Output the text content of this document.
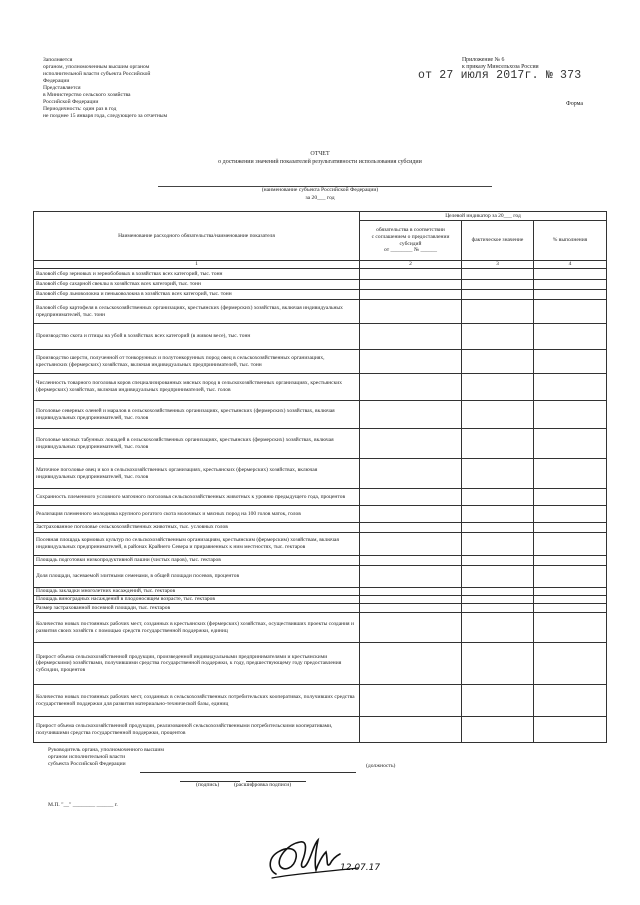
Заполняется
органом, уполномоченным высшим органом
исполнительной власти субъекта Российской
Федерации
Представляется
в Министерство сельского хозяйства
Российской Федерации
Периодичность: один раз в год
не позднее 15 января года, следующего за отчетным
Приложение № 6
к приказу Минсельхоза России
от 27 июля 2017г. № 373
Форма
ОТЧЕТ
о достижении значений показателей результативности использования субсидии
(наименование субъекта Российской Федерации)
за 20___ год
Наименование расходного обязательства/наименование показателя	Целевой индикатор за 20___ год		

	обязательства в соответствии
с соглашением о предоставлении
субсидий
от ________ № ______	фактическое значение	% выполнения
1	2	3	4
Валовой сбор зерновых и зернобобовых в хозяйствах всех категорий, тыс. тонн			
Валовой сбор сахарной свеклы в хозяйствах всех категорий, тыс. тонн			
Валовой сбор льноволокна и пеньковолокна в хозяйствах всех категорий, тыс. тонн			
Валовой сбор картофеля в сельскохозяйственных организациях, крестьянских (фермерских) хозяйствах, включая индивидуальных предпринимателей, тыс. тонн			
Производство скота и птицы на убой в хозяйствах всех категорий (в живом весе), тыс. тонн			
Производство шерсти, полученной от тонкорунных и полутонкорунных пород овец в сельскохозяйственных организациях, крестьянских (фермерских) хозяйствах, включая индивидуальных предпринимателей, тыс. тонн			
Численность товарного поголовья коров специализированных мясных пород в сельскохозяйственных организациях, крестьянских (фермерских) хозяйствах, включая индивидуальных предпринимателей, тыс. голов			
Поголовье северных оленей и маралов в сельскохозяйственных организациях, крестьянских (фермерских) хозяйствах, включая индивидуальных предпринимателей, тыс. голов			
Поголовье мясных табунных лошадей в сельскохозяйственных организациях, крестьянских (фермерских) хозяйствах, включая индивидуальных предпринимателей, тыс. голов			
Маточное поголовье овец и коз в сельскохозяйственных организациях, крестьянских (фермерских) хозяйствах, включая индивидуальных предпринимателей, тыс. голов			
Сохранность племенного условного маточного поголовья сельскохозяйственных животных к уровню предыдущего года, процентов			
Реализация племенного молодняка крупного рогатого скота молочных и мясных пород на 100 голов маток, голов			
Застрахованное поголовье сельскохозяйственных животных, тыс. условных голов			
Посевная площадь кормовых культур по сельскохозяйственным организациям, крестьянским (фермерским) хозяйствам, включая индивидуальных предпринимателей, в районах Крайнего Севера и приравненных к ним местностях, тыс. гектаров			
Площадь подготовки низкопродуктивной пашни (чистых паров), тыс. гектаров			
Доля площади, засеваемой элитными семенами, в общей площади посевов, процентов			
Площадь закладки многолетних насаждений, тыс. гектаров			
Площадь виноградных насаждений в плодоносящем возрасте, тыс. гектаров			
Размер застрахованной посевной площади, тыс. гектаров			
Количество новых постоянных рабочих мест, созданных в крестьянских (фермерских) хозяйствах, осуществивших проекты создания и развития своих хозяйств с помощью средств государственной поддержки, единиц			
Прирост объема сельскохозяйственной продукции, произведенной индивидуальными предпринимателями и крестьянскими (фермерскими) хозяйствами, получившими средства государственной поддержки, к году, предшествующему году предоставления субсидии, процентов			
Количество новых постоянных рабочих мест, созданных в сельскохозяйственных потребительских кооперативах, получивших средства государственной поддержки для развития материально-технической базы, единиц			
Прирост объема сельскохозяйственной продукции, реализованной сельскохозяйственными потребительскими кооперативами, получившими средства государственной поддержки, процентов			
Руководитель органа, уполномоченного высшим
органом исполнительной власти
субъекта Российской Федерации	(должность)
(подпись)	(расшифровка подписи)
М.П. "__" ________ ______ г.
12.07.17
